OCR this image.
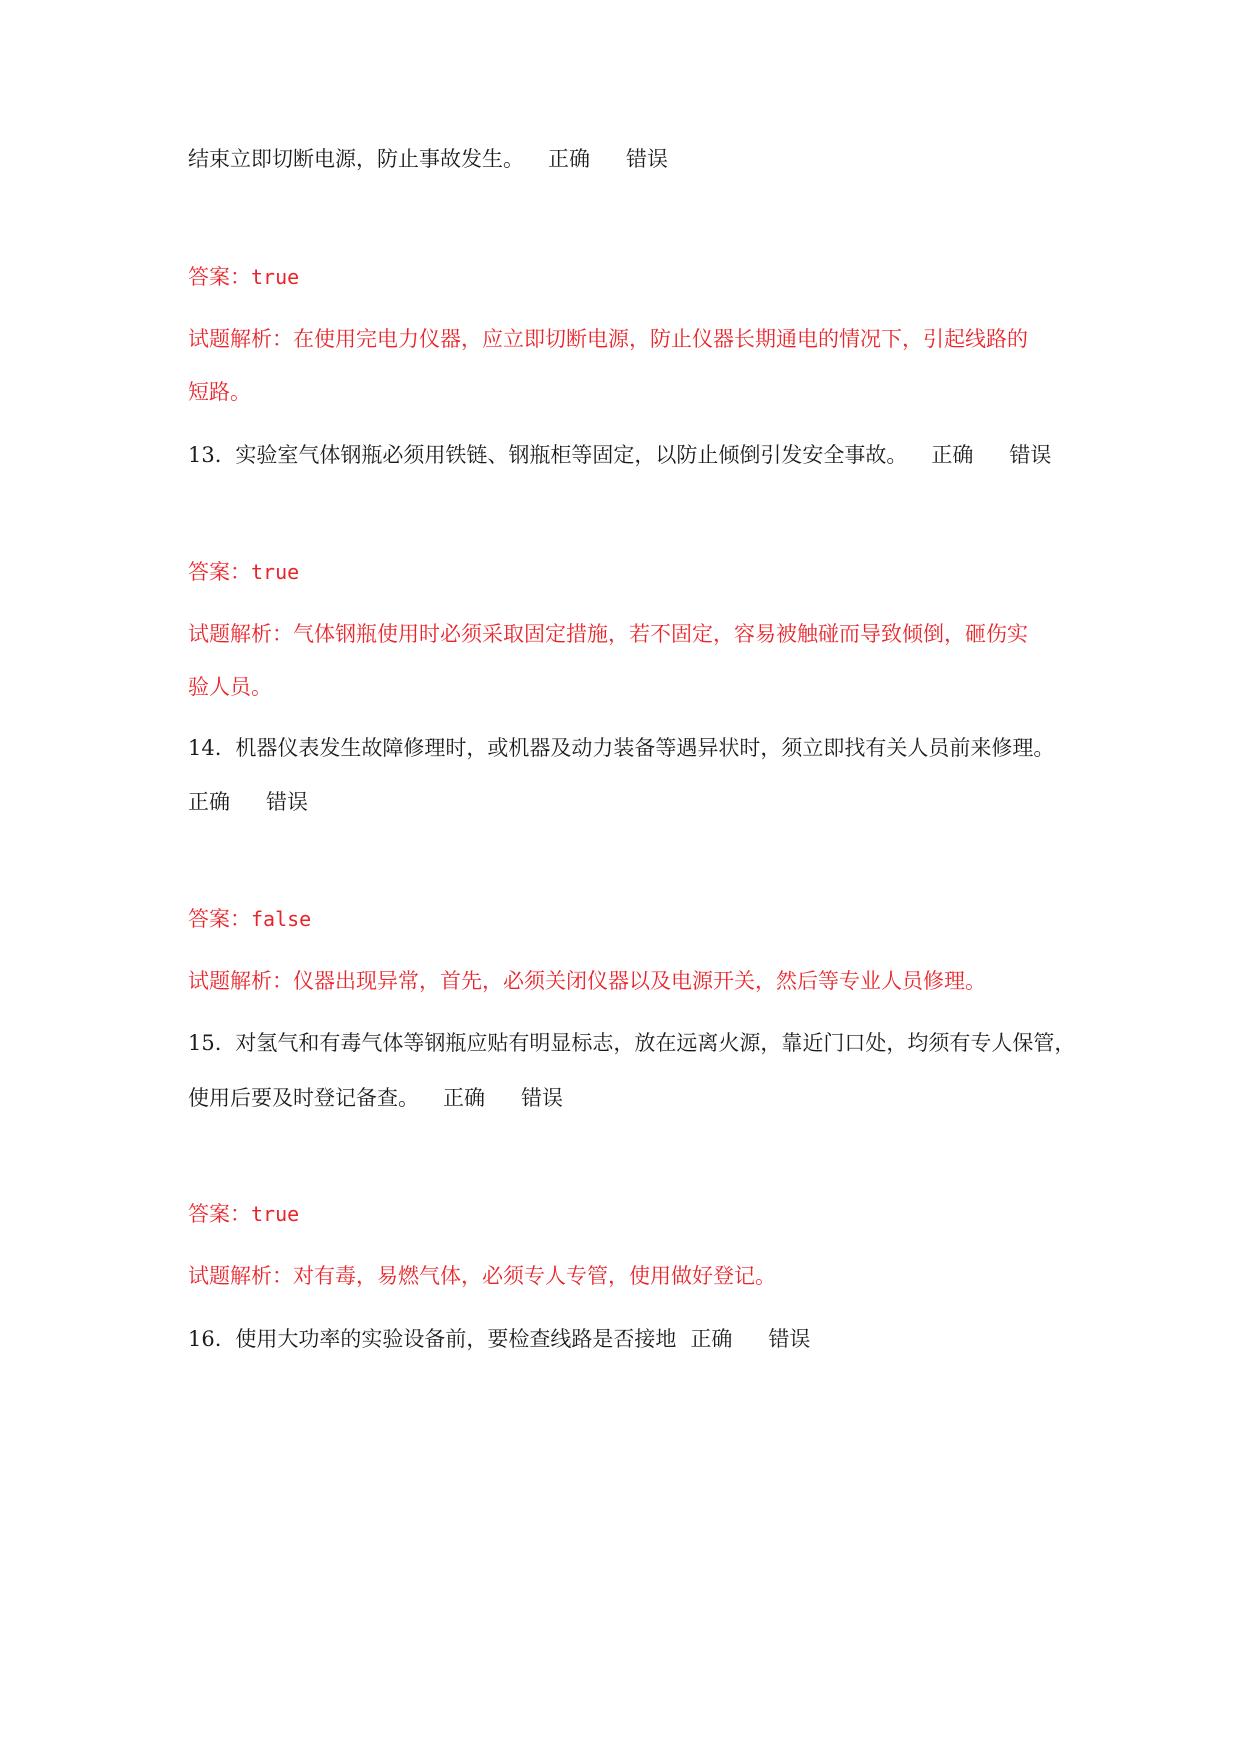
结束立即切断电源，防止事故发生。 正确 错误
答案：true
试题解析：在使用完电力仪器，应立即切断电源，防止仪器长期通电的情况下，引起线路的
短路。
13. 实验室气体钢瓶必须用铁链、钢瓶柜等固定，以防止倾倒引发安全事故。 正确 错误
答案：true
试题解析：气体钢瓶使用时必须采取固定措施，若不固定，容易被触碰而导致倾倒，砸伤实
验人员。
14. 机器仪表发生故障修理时，或机器及动力装备等遇异状时，须立即找有关人员前来修理。
正确 错误
答案：false
试题解析：仪器出现异常，首先，必须关闭仪器以及电源开关，然后等专业人员修理。
15. 对氢气和有毒气体等钢瓶应贴有明显标志，放在远离火源，靠近门口处，均须有专人保管，
使用后要及时登记备查。 正确 错误
答案：true
试题解析：对有毒，易燃气体，必须专人专管，使用做好登记。
16. 使用大功率的实验设备前，要检查线路是否接地 正确 错误
